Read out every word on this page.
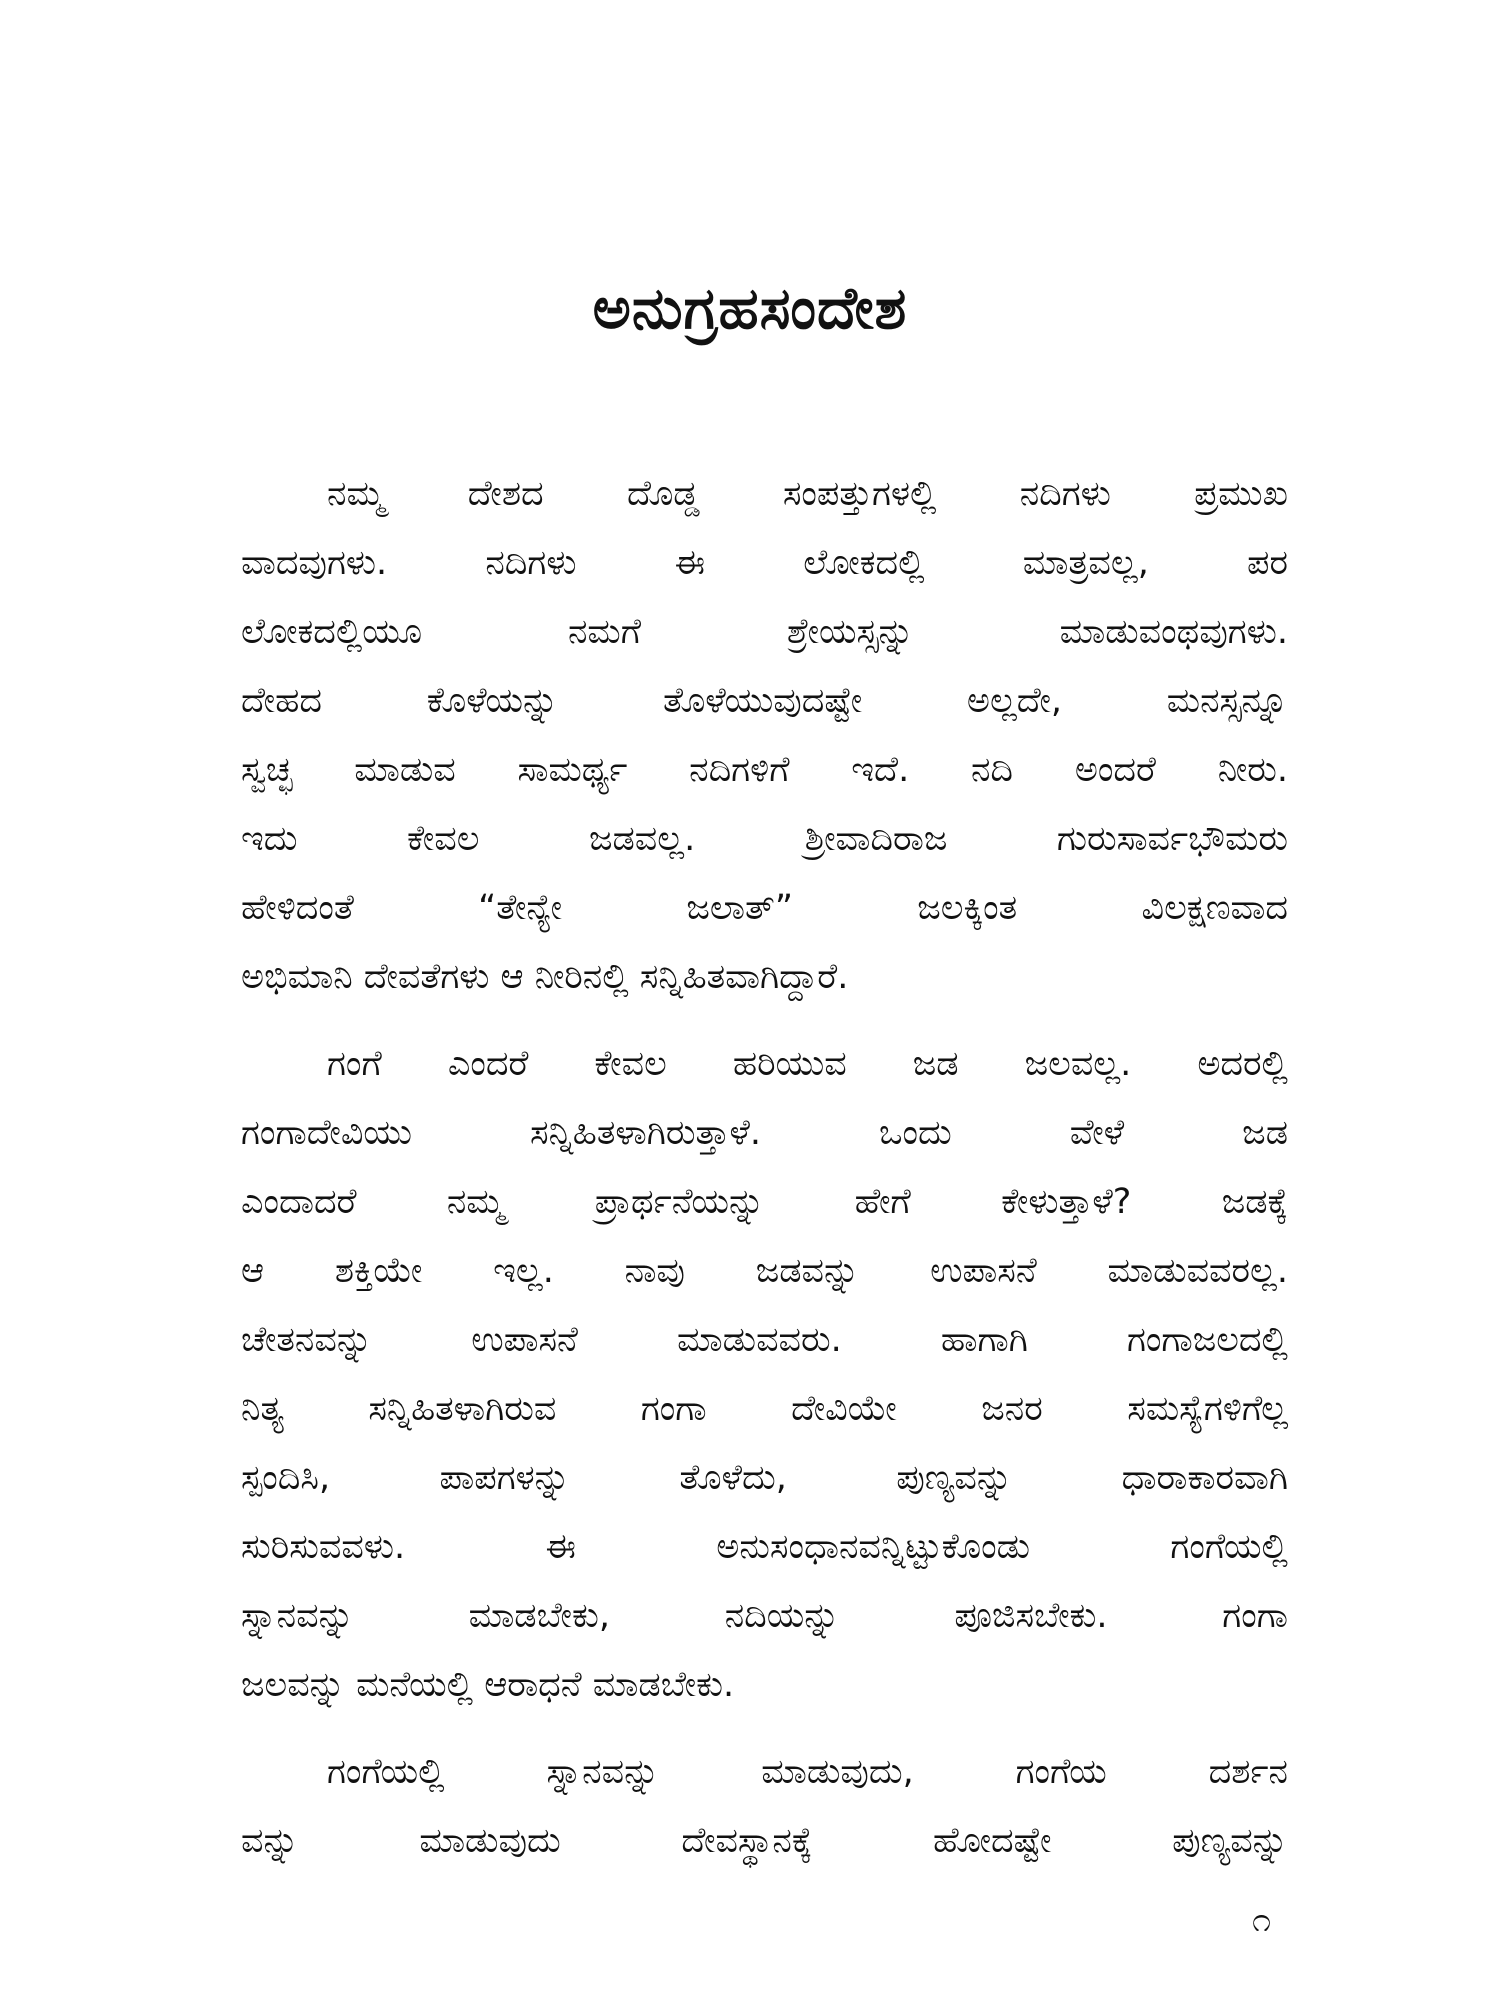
ಅನುಗ್ರಹಸಂದೇಶ
ನಮ್ಮ ದೇಶದ ದೊಡ್ಡ ಸಂಪತ್ತುಗಳಲ್ಲಿ ನದಿಗಳು ಪ್ರಮುಖ
ವಾದವುಗಳು. ನದಿಗಳು ಈ ಲೋಕದಲ್ಲಿ ಮಾತ್ರವಲ್ಲ, ಪರ
ಲೋಕದಲ್ಲಿಯೂ ನಮಗೆ ಶ್ರೇಯಸ್ಸನ್ನು ಮಾಡುವಂಥವುಗಳು.
ದೇಹದ ಕೊಳೆಯನ್ನು ತೊಳೆಯುವುದಷ್ಟೇ ಅಲ್ಲದೇ, ಮನಸ್ಸನ್ನೂ
ಸ್ವಚ್ಛ ಮಾಡುವ ಸಾಮರ್ಥ್ಯ ನದಿಗಳಿಗೆ ಇದೆ. ನದಿ ಅಂದರೆ ನೀರು.
ಇದು ಕೇವಲ ಜಡವಲ್ಲ. ಶ್ರೀವಾದಿರಾಜ ಗುರುಸಾರ್ವಭೌಮರು
ಹೇಳಿದಂತೆ “ತೇನ್ಯೇ ಜಲಾತ್” ಜಲಕ್ಕಿಂತ ವಿಲಕ್ಷಣವಾದ
ಅಭಿಮಾನಿ ದೇವತೆಗಳು ಆ ನೀರಿನಲ್ಲಿ ಸನ್ನಿಹಿತವಾಗಿದ್ದಾರೆ.
ಗಂಗೆ ಎಂದರೆ ಕೇವಲ ಹರಿಯುವ ಜಡ ಜಲವಲ್ಲ. ಅದರಲ್ಲಿ
ಗಂಗಾದೇವಿಯು ಸನ್ನಿಹಿತಳಾಗಿರುತ್ತಾಳೆ. ಒಂದು ವೇಳೆ ಜಡ
ಎಂದಾದರೆ ನಮ್ಮ ಪ್ರಾರ್ಥನೆಯನ್ನು ಹೇಗೆ ಕೇಳುತ್ತಾಳೆ? ಜಡಕ್ಕೆ
ಆ ಶಕ್ತಿಯೇ ಇಲ್ಲ. ನಾವು ಜಡವನ್ನು ಉಪಾಸನೆ ಮಾಡುವವರಲ್ಲ.
ಚೇತನವನ್ನು ಉಪಾಸನೆ ಮಾಡುವವರು. ಹಾಗಾಗಿ ಗಂಗಾಜಲದಲ್ಲಿ
ನಿತ್ಯ ಸನ್ನಿಹಿತಳಾಗಿರುವ ಗಂಗಾ ದೇವಿಯೇ ಜನರ ಸಮಸ್ಯೆಗಳಿಗೆಲ್ಲ
ಸ್ಪಂದಿಸಿ, ಪಾಪಗಳನ್ನು ತೊಳೆದು, ಪುಣ್ಯವನ್ನು ಧಾರಾಕಾರವಾಗಿ
ಸುರಿಸುವವಳು. ಈ ಅನುಸಂಧಾನವನ್ನಿಟ್ಟುಕೊಂಡು ಗಂಗೆಯಲ್ಲಿ
ಸ್ನಾನವನ್ನು ಮಾಡಬೇಕು, ನದಿಯನ್ನು ಪೂಜಿಸಬೇಕು. ಗಂಗಾ
ಜಲವನ್ನು ಮನೆಯಲ್ಲಿ ಆರಾಧನೆ ಮಾಡಬೇಕು.
ಗಂಗೆಯಲ್ಲಿ ಸ್ನಾನವನ್ನು ಮಾಡುವುದು, ಗಂಗೆಯ ದರ್ಶನ
ವನ್ನು ಮಾಡುವುದು ದೇವಸ್ಥಾನಕ್ಕೆ ಹೋದಷ್ಟೇ ಪುಣ್ಯವನ್ನು
೧
